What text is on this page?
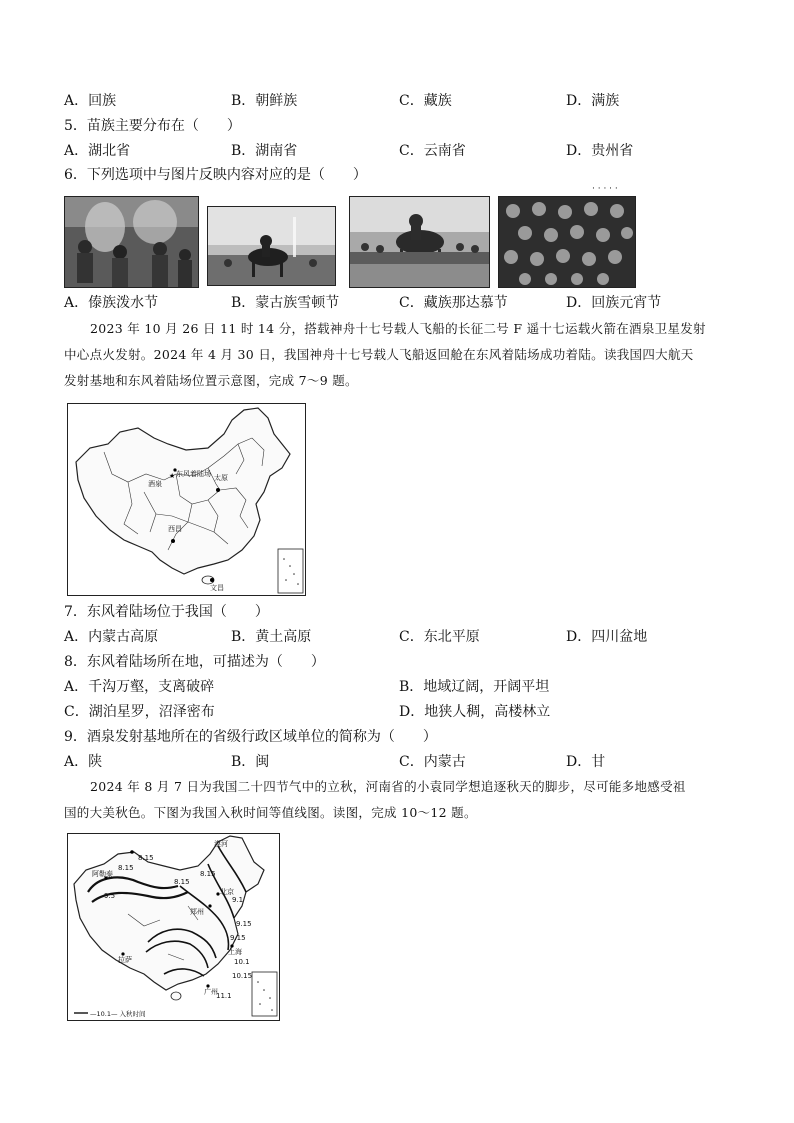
A．回族	B．朝鲜族	C．藏族	D．满族
5．苗族主要分布在（　　）
A．湖北省	B．湖南省	C．云南省	D．贵州省
6．下列选项中与图片反映内容对应的是（　　）
· · · · ·
A．傣族泼水节	B．蒙古族雪顿节	C．藏族那达慕节	D．回族元宵节
2023 年 10 月 26 日 11 时 14 分，搭载神舟十七号载人飞船的长征二号 F 遥十七运载火箭在酒泉卫星发射
中心点火发射。2024 年 4 月 30 日，我国神舟十七号载人飞船返回舱在东风着陆场成功着陆。读我国四大航天
发射基地和东风着陆场位置示意图，完成 7～9 题。
★ 东风着陆场
酒泉
太原
西昌
文昌
7．东风着陆场位于我国（　　）
A．内蒙古高原	B．黄土高原	C．东北平原	D．四川盆地
8．东风着陆场所在地，可描述为（　　）
A．千沟万壑，支离破碎	B．地域辽阔，开阔平坦
C．湖泊星罗，沼泽密布	D．地狭人稠，高楼林立
9．酒泉发射基地所在的省级行政区域单位的简称为（　　）
A．陕	B．闽	C．内蒙古	D．甘
2024 年 8 月 7 日为我国二十四节气中的立秋，河南省的小袁同学想追逐秋天的脚步，尽可能多地感受祖
国的大美秋色。下图为我国入秋时间等值线图。读图，完成 10～12 题。
漠河
阿勒泰
拉萨
上海
广州
北京
郑州
8.15
8.15
8.15
8.15
9.1
9.15
9.15
9.5
10.1
10.15
11.1
—10.1— 入秋时间
